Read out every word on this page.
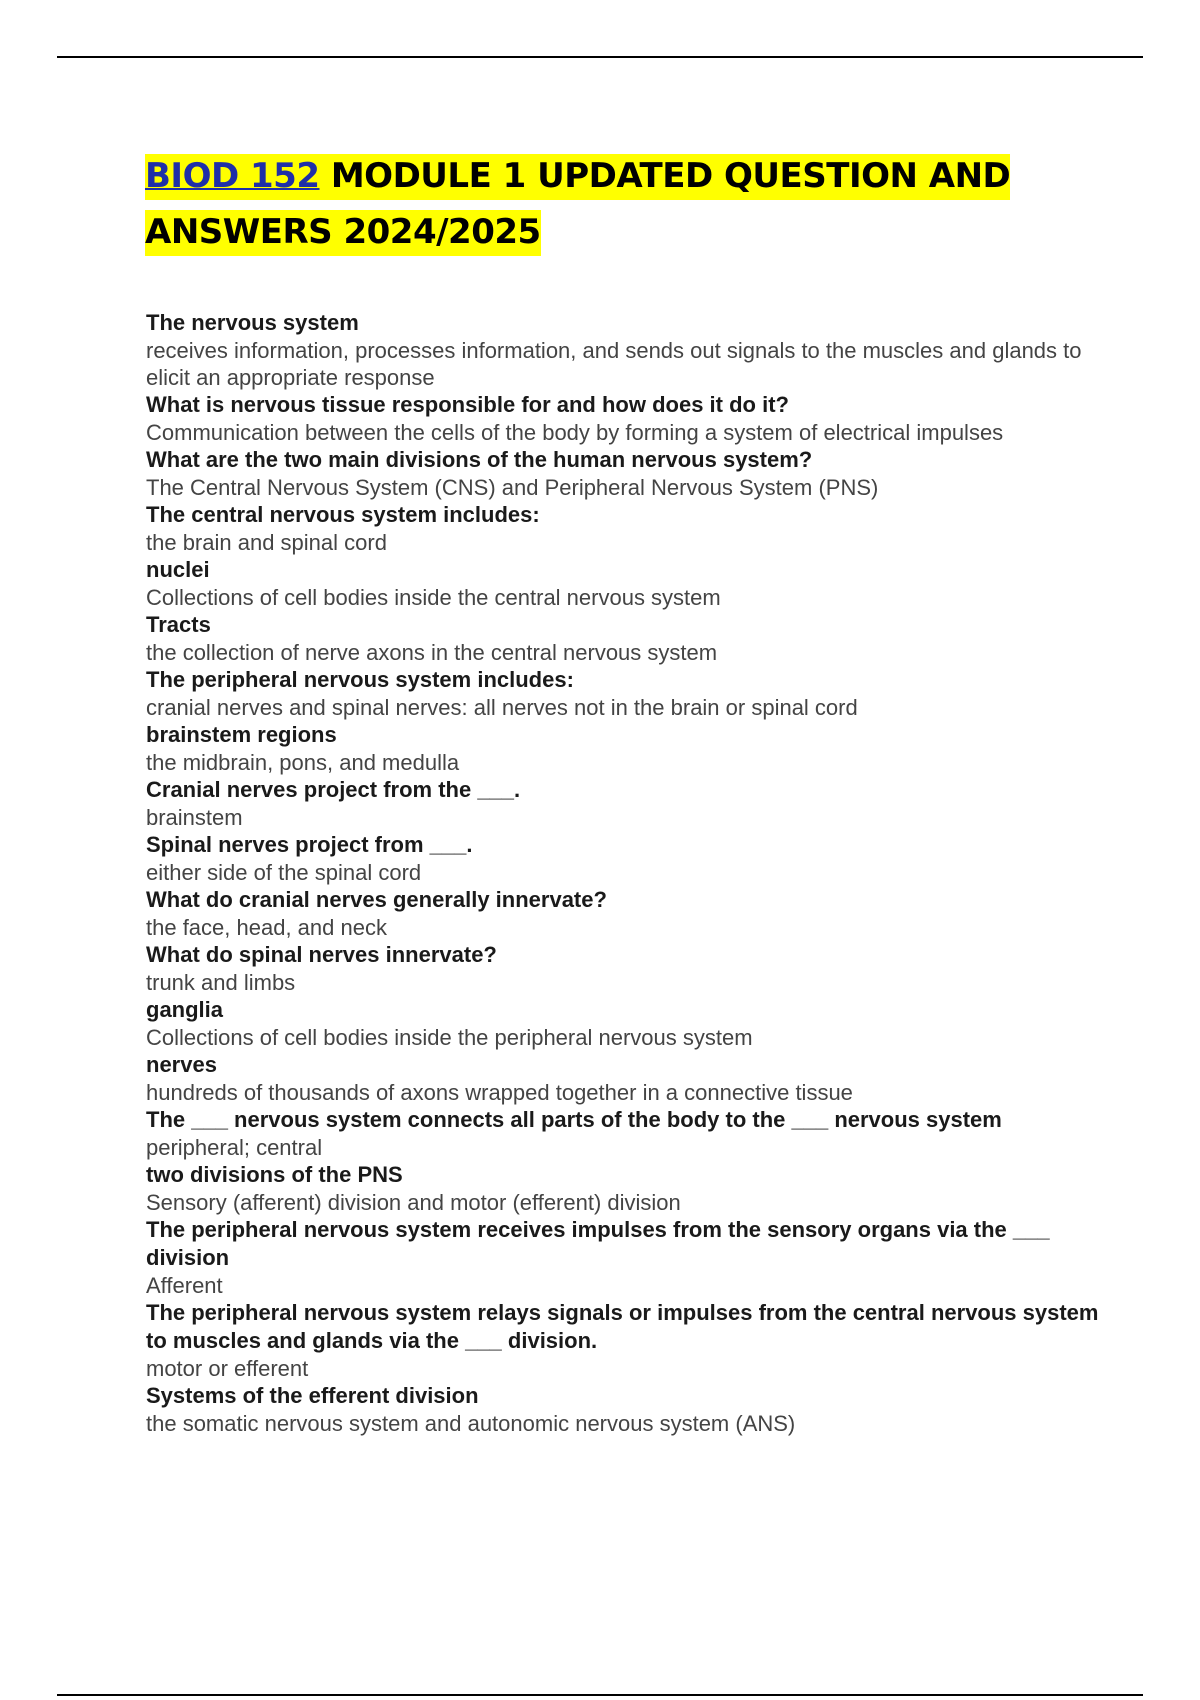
BIOD 152 MODULE 1 UPDATED QUESTION AND ANSWERS 2024/2025
The nervous system
receives information, processes information, and sends out signals to the muscles and glands to elicit an appropriate response
What is nervous tissue responsible for and how does it do it?
Communication between the cells of the body by forming a system of electrical impulses
What are the two main divisions of the human nervous system?
The Central Nervous System (CNS) and Peripheral Nervous System (PNS)
The central nervous system includes:
the brain and spinal cord
nuclei
Collections of cell bodies inside the central nervous system
Tracts
the collection of nerve axons in the central nervous system
The peripheral nervous system includes:
cranial nerves and spinal nerves: all nerves not in the brain or spinal cord
brainstem regions
the midbrain, pons, and medulla
Cranial nerves project from the ___.
brainstem
Spinal nerves project from ___.
either side of the spinal cord
What do cranial nerves generally innervate?
the face, head, and neck
What do spinal nerves innervate?
trunk and limbs
ganglia
Collections of cell bodies inside the peripheral nervous system
nerves
hundreds of thousands of axons wrapped together in a connective tissue
The ___ nervous system connects all parts of the body to the ___ nervous system
peripheral; central
two divisions of the PNS
Sensory (afferent) division and motor (efferent) division
The peripheral nervous system receives impulses from the sensory organs via the ___ division
Afferent
The peripheral nervous system relays signals or impulses from the central nervous system to muscles and glands via the ___ division.
motor or efferent
Systems of the efferent division
the somatic nervous system and autonomic nervous system (ANS)
